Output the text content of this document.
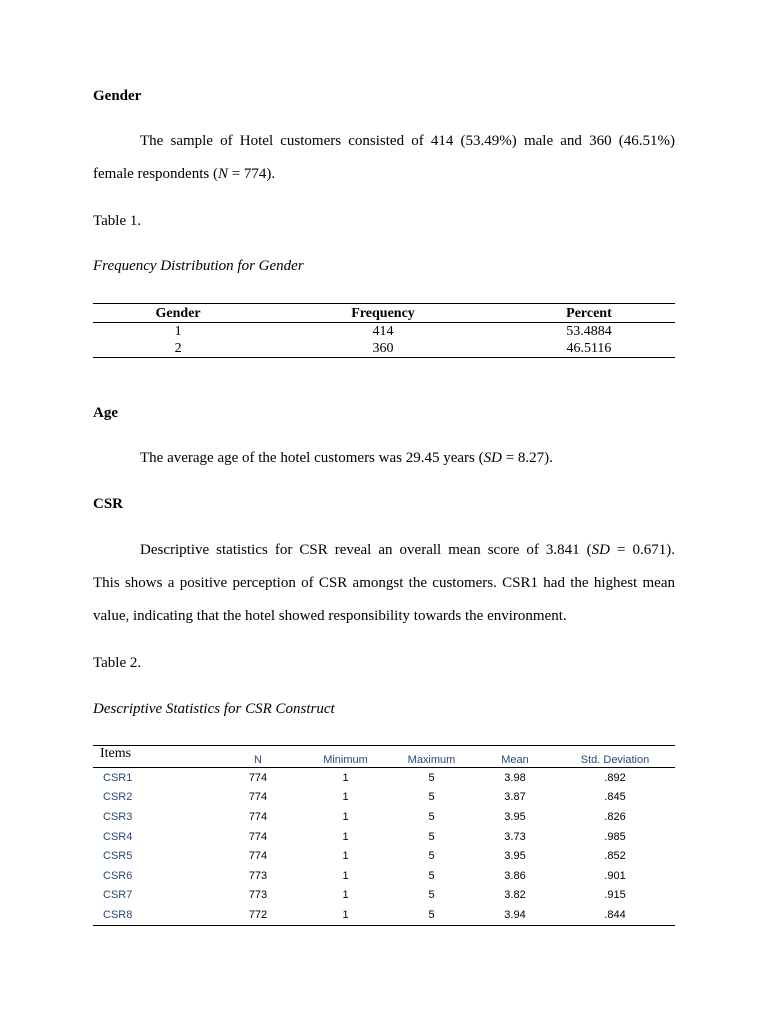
Gender
The sample of Hotel customers consisted of 414 (53.49%) male and 360 (46.51%)
female respondents (N = 774).
Table 1.
Frequency Distribution for Gender
Gender	Frequency	Percent
1	414	53.4884
2	360	46.5116
Age
The average age of the hotel customers was 29.45 years (SD = 8.27).
CSR
Descriptive statistics for CSR reveal an overall mean score of 3.841 (SD = 0.671).
This shows a positive perception of CSR amongst the customers. CSR1 had the highest mean
value, indicating that the hotel showed responsibility towards the environment.
Table 2.
Descriptive Statistics for CSR Construct
Items	N	Minimum	Maximum	Mean	Std. Deviation
CSR1	774	1	5	3.98	.892
CSR2	774	1	5	3.87	.845
CSR3	774	1	5	3.95	.826
CSR4	774	1	5	3.73	.985
CSR5	774	1	5	3.95	.852
CSR6	773	1	5	3.86	.901
CSR7	773	1	5	3.82	.915
CSR8	772	1	5	3.94	.844
